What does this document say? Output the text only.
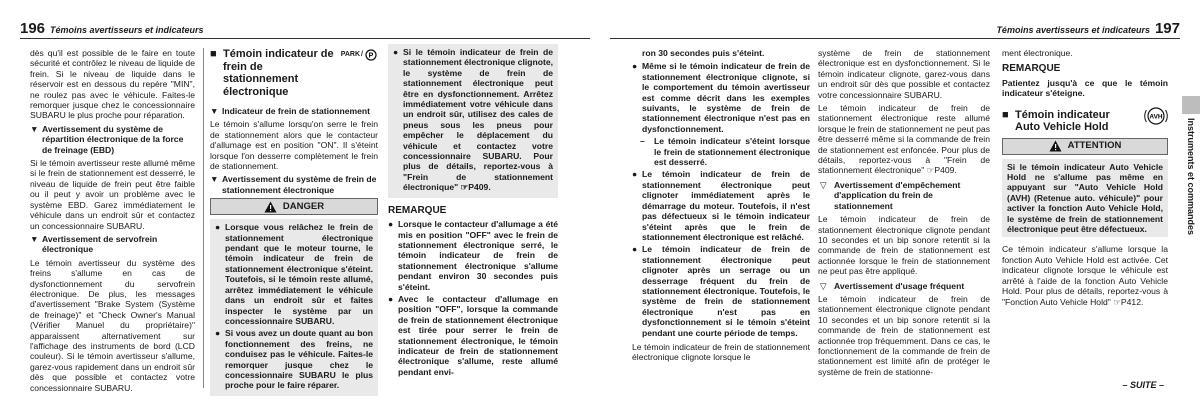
196 Témoins avertisseurs et indicateurs

dès qu'il est possible de le faire en toute sécurité et contrôlez le niveau de liquide de frein. Si le niveau de liquide dans le réservoir est en dessous du repère "MIN", ne roulez pas avec le véhicule. Faites-le remorquer jusque chez le concessionnaire SUBARU le plus proche pour réparation.

▼ Avertissement du système de répartition électronique de la force de freinage (EBD)

Si le témoin avertisseur reste allumé même si le frein de stationnement est desserré, le niveau de liquide de frein peut être faible ou il peut y avoir un problème avec le système EBD. Garez immédiatement le véhicule dans un endroit sûr et contactez un concessionnaire SUBARU.

▼ Avertissement de servofrein électronique

Le témoin avertisseur du système des freins s'allume en cas de dysfonctionnement du servofrein électronique. De plus, les messages d'avertissement "Brake System (Système de freinage)" et "Check Owner's Manual (Vérifier Manuel du propriétaire)" apparaissent alternativement sur l'affichage des instruments de bord (LCD couleur). Si le témoin avertisseur s'allume, garez-vous rapidement dans un endroit sûr dès que possible et contactez votre concessionnaire SUBARU.

■ Témoin indicateur de frein de stationnement électronique
PARK / P
▼ Indicateur de frein de stationnement

Le témoin s'allume lorsqu'on serre le frein de stationnement alors que le contacteur d'allumage est en position "ON". Il s'éteint lorsque l'on desserre complètement le frein de stationnement.

▼ Avertissement du système de frein de stationnement électronique
DANGER
● Lorsque vous relâchez le frein de stationnement électronique pendant que le moteur tourne, le témoin indicateur de frein de stationnement électronique s'éteint. Toutefois, si le témoin reste allumé, arrêtez immédiatement le véhicule dans un endroit sûr et faites inspecter le système par un concessionnaire SUBARU.
● Si vous avez un doute quant au bon fonctionnement des freins, ne conduisez pas le véhicule. Faites-le remorquer jusque chez le concessionnaire SUBARU le plus proche pour le faire réparer.
● Si le témoin indicateur de frein de stationnement électronique clignote, le système de frein de stationnement électronique peut être en dysfonctionnement. Arrêtez immédiatement votre véhicule dans un endroit sûr, utilisez des cales de pneus sous les pneus pour empêcher le déplacement du véhicule et contactez votre concessionnaire SUBARU. Pour plus de détails, reportez-vous à "Frein de stationnement électronique" ☞P409.
REMARQUE
● Lorsque le contacteur d'allumage a été mis en position "OFF" avec le frein de stationnement électronique serré, le témoin indicateur de frein de stationnement électronique s'allume pendant environ 30 secondes puis s'éteint.
● Avec le contacteur d'allumage en position "OFF", lorsque la commande de frein de stationnement électronique est tirée pour serrer le frein de stationnement électronique, le témoin indicateur de frein de stationnement électronique s'allume, reste allumé pendant envi-
Témoins avertisseurs et indicateurs 197

ron 30 secondes puis s'éteint.

● Même si le témoin indicateur de frein de stationnement électronique clignote, si le comportement du témoin avertisseur est comme décrit dans les exemples suivants, le système de frein de stationnement électronique n'est pas en dysfonctionnement.
– Le témoin indicateur s'éteint lorsque le frein de stationnement électronique est desserré.
● Le témoin indicateur de frein de stationnement électronique peut clignoter immédiatement après le démarrage du moteur. Toutefois, il n'est pas défectueux si le témoin indicateur s'éteint après que le frein de stationnement électronique est relâché.
● Le témoin indicateur de frein de stationnement électronique peut clignoter après un serrage ou un desserrage fréquent du frein de stationnement électronique. Toutefois, le système de frein de stationnement électronique n'est pas en dysfonctionnement si le témoin s'éteint pendant une courte période de temps.

Le témoin indicateur de frein de stationnement électronique clignote lorsque le

système de frein de stationnement électronique est en dysfonctionnement. Si le témoin indicateur clignote, garez-vous dans un endroit sûr dès que possible et contactez votre concessionnaire SUBARU.

Le témoin indicateur de frein de stationnement électronique reste allumé lorsque le frein de stationnement ne peut pas être desserré même si la commande de frein de stationnement est enfoncée. Pour plus de détails, reportez-vous à "Frein de stationnement électronique" ☞P409.

▽ Avertissement d'empêchement d'application du frein de stationnement

Le témoin indicateur de frein de stationnement électronique clignote pendant 10 secondes et un bip sonore retentit si la commande de frein de stationnement est actionnée lorsque le frein de stationnement ne peut pas être appliqué.

▽ Avertissement d'usage fréquent

Le témoin indicateur de frein de stationnement électronique clignote pendant 10 secondes et un bip sonore retentit si la commande de frein de stationnement est actionnée trop fréquemment. Dans ce cas, le fonctionnement de la commande de frein de stationnement est limité afin de protéger le système de frein de stationne-

ment électronique.

REMARQUE

Patientez jusqu'à ce que le témoin indicateur s'éteigne.

■ Témoin indicateur Auto Vehicle Hold
AVH
ATTENTION
Si le témoin indicateur Auto Vehicle Hold ne s'allume pas même en appuyant sur "Auto Vehicle Hold (AVH) (Retenue auto. véhicule)" pour activer la fonction Auto Vehicle Hold, le système de frein de stationnement électronique peut être défectueux.

Ce témoin indicateur s'allume lorsque la fonction Auto Vehicle Hold est activée. Cet indicateur clignote lorsque le véhicule est arrêté à l'aide de la fonction Auto Vehicle Hold. Pour plus de détails, reportez-vous à "Fonction Auto Vehicle Hold" ☞P412.

Instruments et commandes
– SUITE –
